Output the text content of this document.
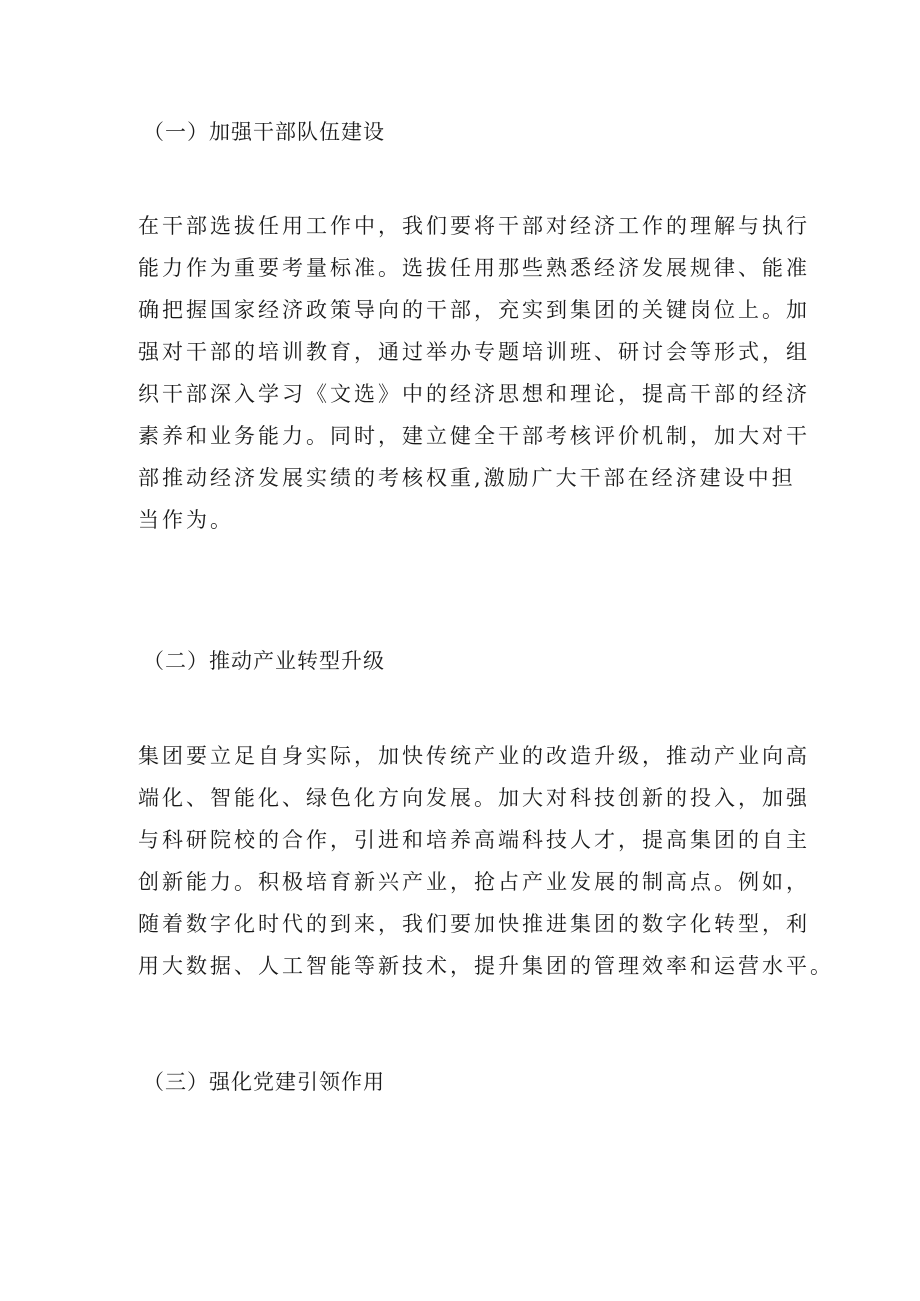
（一）加强干部队伍建设
在干部选拔任用工作中，我们要将干部对经济工作的理解与执行
能力作为重要考量标准。选拔任用那些熟悉经济发展规律、能准
确把握国家经济政策导向的干部，充实到集团的关键岗位上。加
强对干部的培训教育，通过举办专题培训班、研讨会等形式，组
织干部深入学习《文选》中的经济思想和理论，提高干部的经济
素养和业务能力。同时，建立健全干部考核评价机制，加大对干
部推动经济发展实绩的考核权重,激励广大干部在经济建设中担
当作为。
（二）推动产业转型升级
集团要立足自身实际，加快传统产业的改造升级，推动产业向高
端化、智能化、绿色化方向发展。加大对科技创新的投入，加强
与科研院校的合作，引进和培养高端科技人才，提高集团的自主
创新能力。积极培育新兴产业，抢占产业发展的制高点。例如，
随着数字化时代的到来，我们要加快推进集团的数字化转型，利
用大数据、人工智能等新技术，提升集团的管理效率和运营水平。
（三）强化党建引领作用
